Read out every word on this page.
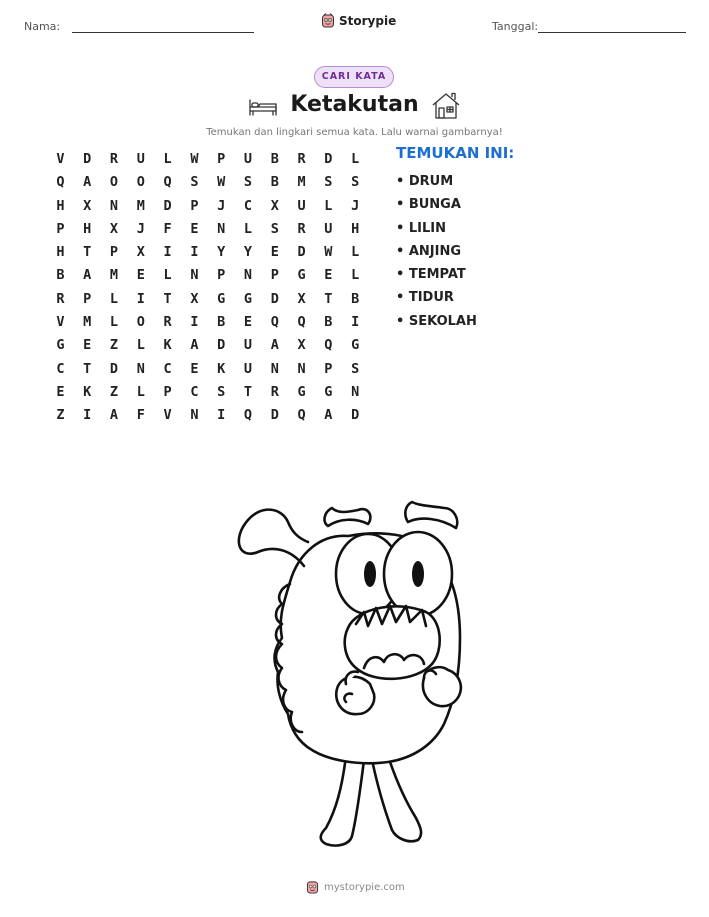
Nama:	Storypie	Tanggal:
CARI KATA
Ketakutan
Temukan dan lingkari semua kata. Lalu warnai gambarnya!
V	D	R	U	L	W	P	U	B	R	D	L
Q	A	O	O	Q	S	W	S	B	M	S	S
H	X	N	M	D	P	J	C	X	U	L	J
P	H	X	J	F	E	N	L	S	R	U	H
H	T	P	X	I	I	Y	Y	E	D	W	L
B	A	M	E	L	N	P	N	P	G	E	L
R	P	L	I	T	X	G	G	D	X	T	B
V	M	L	O	R	I	B	E	Q	Q	B	I
G	E	Z	L	K	A	D	U	A	X	Q	G
C	T	D	N	C	E	K	U	N	N	P	S
E	K	Z	L	P	C	S	T	R	G	G	N
Z	I	A	F	V	N	I	Q	D	Q	A	D
TEMUKAN INI:
• DRUM
• BUNGA
• LILIN
• ANJING
• TEMPAT
• TIDUR
• SEKOLAH
mystorypie.com
